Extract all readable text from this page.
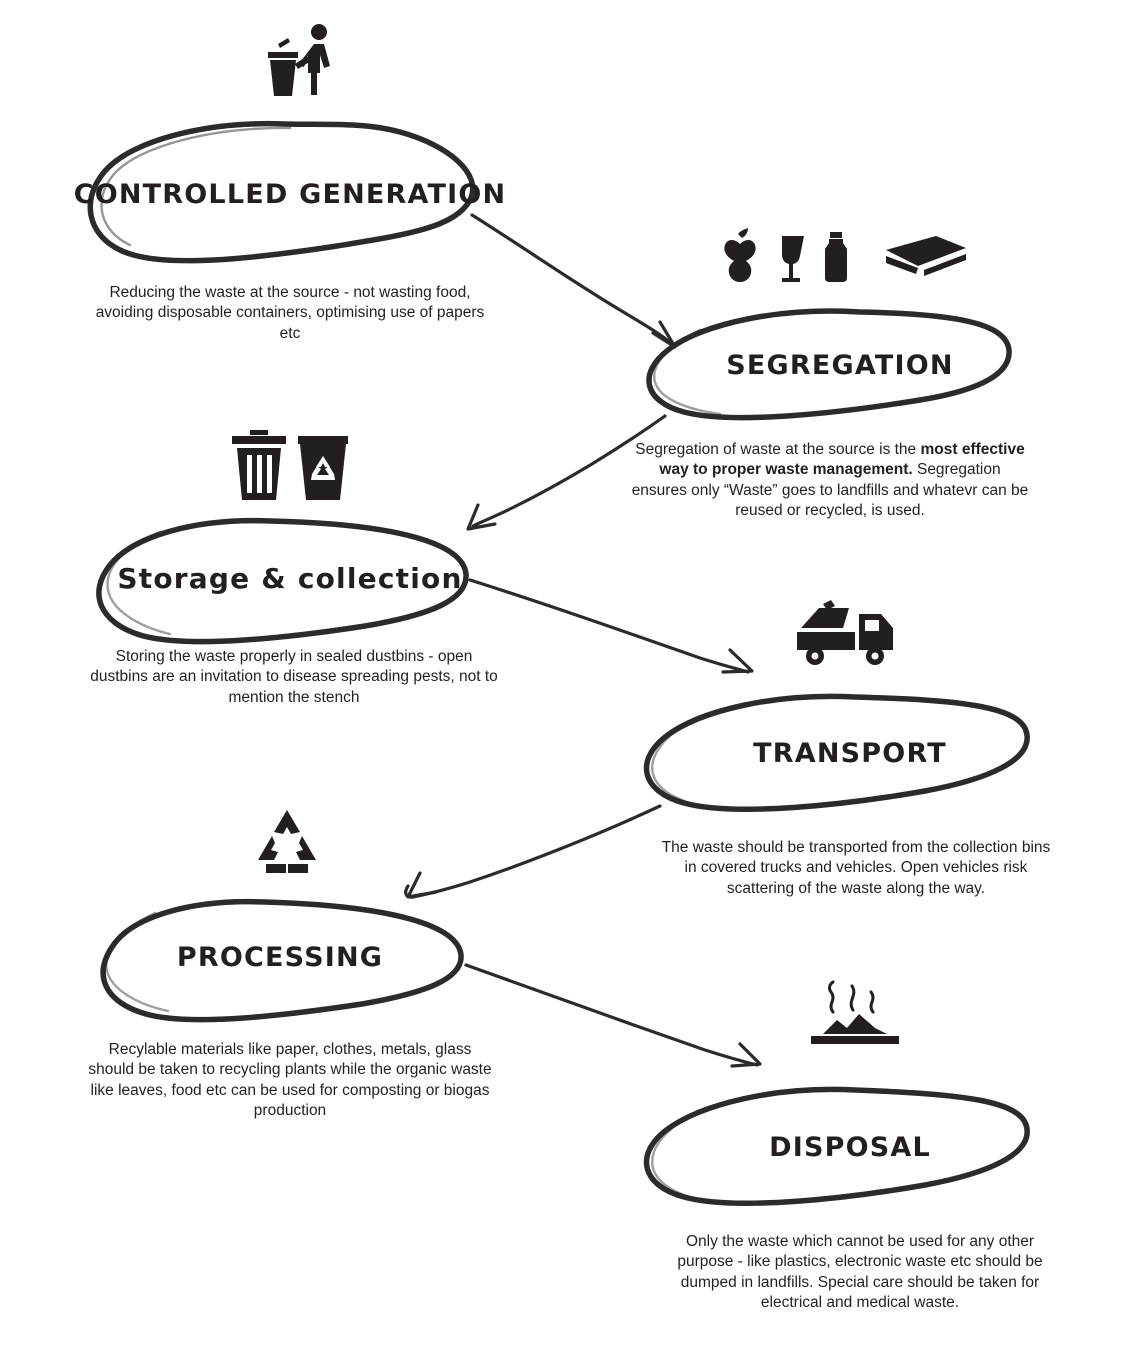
CONTROLLED GENERATION
SEGREGATION
Storage & collection
TRANSPORT
PROCESSING
DISPOSAL
Reducing the waste at the source - not wasting food, avoiding disposable containers, optimising use of papers etc
Segregation of waste at the source is the most effective way to proper waste management. Segregation ensures only “Waste” goes to landfills and whatevr can be reused or recycled, is used.
Storing the waste properly in sealed dustbins - open dustbins are an invitation to disease spreading pests, not to mention the stench
The waste should be transported from the collection bins in covered trucks and vehicles. Open vehicles risk scattering of the waste along the way.
Recylable materials like paper, clothes, metals, glass should be taken to recycling plants while the organic waste like leaves, food etc can be used for composting or biogas production
Only the waste which cannot be used for any other purpose - like plastics, electronic waste etc should be dumped in landfills. Special care should be taken for electrical and medical waste.
